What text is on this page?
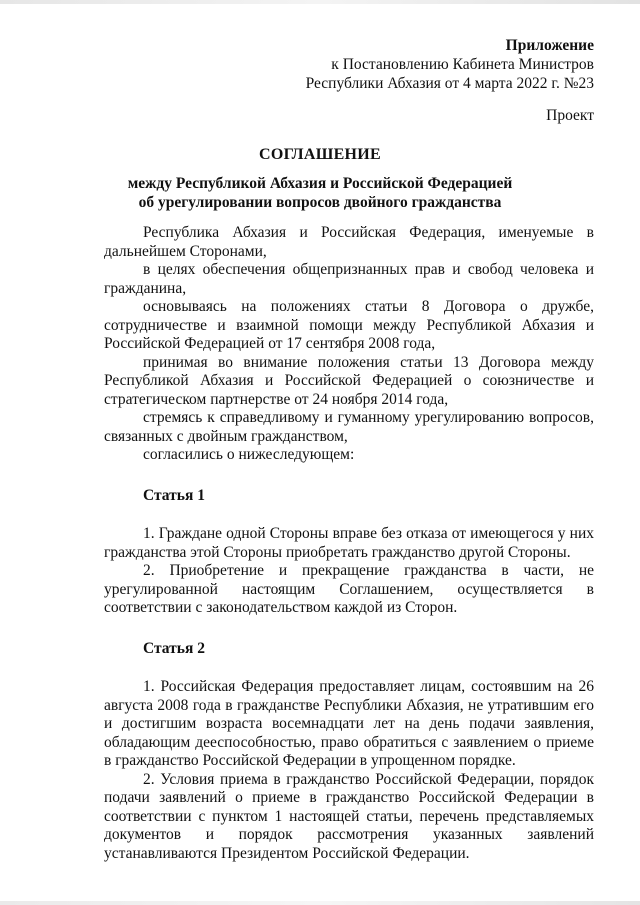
Приложение
к Постановлению Кабинета Министров
Республики Абхазия от 4 марта 2022 г. №23
Проект
СОГЛАШЕНИЕ
между Республикой Абхазия и Российской Федерацией
об урегулировании вопросов двойного гражданства

Республика Абхазия и Российская Федерация, именуемые в дальнейшем Сторонами,

в целях обеспечения общепризнанных прав и свобод человека и гражданина,

основываясь на положениях статьи 8 Договора о дружбе, сотрудничестве и взаимной помощи между Республикой Абхазия и Российской Федерацией от 17 сентября 2008 года,

принимая во внимание положения статьи 13 Договора между Республикой Абхазия и Российской Федерацией о союзничестве и стратегическом партнерстве от 24 ноября 2014 года,

стремясь к справедливому и гуманному урегулированию вопросов, связанных с двойным гражданством,

согласились о нижеследующем:

Статья 1

1. Граждане одной Стороны вправе без отказа от имеющегося у них гражданства этой Стороны приобретать гражданство другой Стороны.

2. Приобретение и прекращение гражданства в части, не урегулированной настоящим Соглашением, осуществляется в соответствии с законодательством каждой из Сторон.

Статья 2

1. Российская Федерация предоставляет лицам, состоявшим на 26 августа 2008 года в гражданстве Республики Абхазия, не утратившим его и достигшим возраста восемнадцати лет на день подачи заявления, обладающим дееспособностью, право обратиться с заявлением о приеме в гражданство Российской Федерации в упрощенном порядке.

2. Условия приема в гражданство Российской Федерации, порядок подачи заявлений о приеме в гражданство Российской Федерации в соответствии с пунктом 1 настоящей статьи, перечень представляемых документов и порядок рассмотрения указанных заявлений устанавливаются Президентом Российской Федерации.
